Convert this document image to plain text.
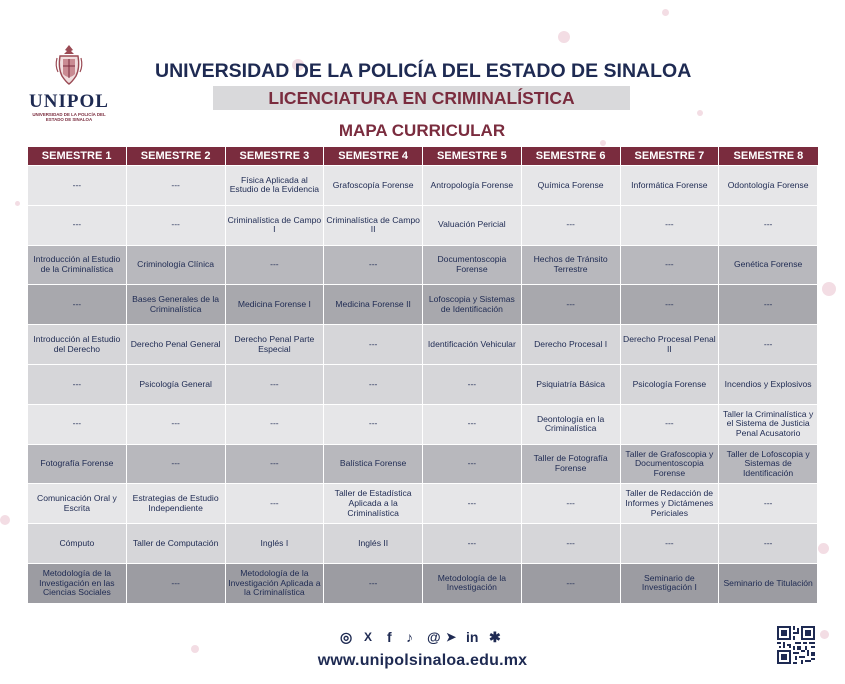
UNIPOL
UNIVERSIDAD DE LA POLICÍA DEL ESTADO DE SINALOA
UNIVERSIDAD DE LA POLICÍA DEL ESTADO DE SINALOA
LICENCIATURA EN CRIMINALÍSTICA
MAPA CURRICULAR
SEMESTRE 1	SEMESTRE 2	SEMESTRE 3	SEMESTRE 4	SEMESTRE 5	SEMESTRE 6	SEMESTRE 7	SEMESTRE 8
---	---	Física Aplicada al Estudio de la Evidencia	Grafoscopía Forense	Antropología Forense	Química Forense	Informática Forense	Odontología Forense
---	---	Criminalística de Campo I	Criminalística de Campo II	Valuación Pericial	---	---	---
Introducción al Estudio de la Criminalística	Criminología Clínica	---	---	Documentoscopia Forense	Hechos de Tránsito Terrestre	---	Genética Forense
---	Bases Generales de la Criminalística	Medicina Forense I	Medicina Forense II	Lofoscopia y Sistemas de Identificación	---	---	---
Introducción al Estudio del Derecho	Derecho Penal General	Derecho Penal Parte Especial	---	Identificación Vehicular	Derecho Procesal I	Derecho Procesal Penal II	---
---	Psicología General	---	---	---	Psiquiatría Básica	Psicología Forense	Incendios y Explosivos
---	---	---	---	---	Deontología en la Criminalística	---	Taller la Criminalística y el Sistema de Justicia Penal Acusatorio
Fotografía Forense	---	---	Balística Forense	---	Taller de Fotografía Forense	Taller de Grafoscopia y Documentoscopia Forense	Taller de Lofoscopia y Sistemas de Identificación
Comunicación Oral y Escrita	Estrategias de Estudio Independiente	---	Taller de Estadística Aplicada a la Criminalística	---	---	Taller de Redacción de Informes y Dictámenes Periciales	---
Cómputo	Taller de Computación	Inglés I	Inglés II	---	---	---	---
Metodología de la Investigación en las Ciencias Sociales	---	Metodología de la Investigación Aplicada a la Criminalística	---	Metodología de la Investigación	---	Seminario de Investigación I	Seminario de Titulación
◎ X f ♪ @ ➤ in ✱
www.unipolsinaloa.edu.mx
